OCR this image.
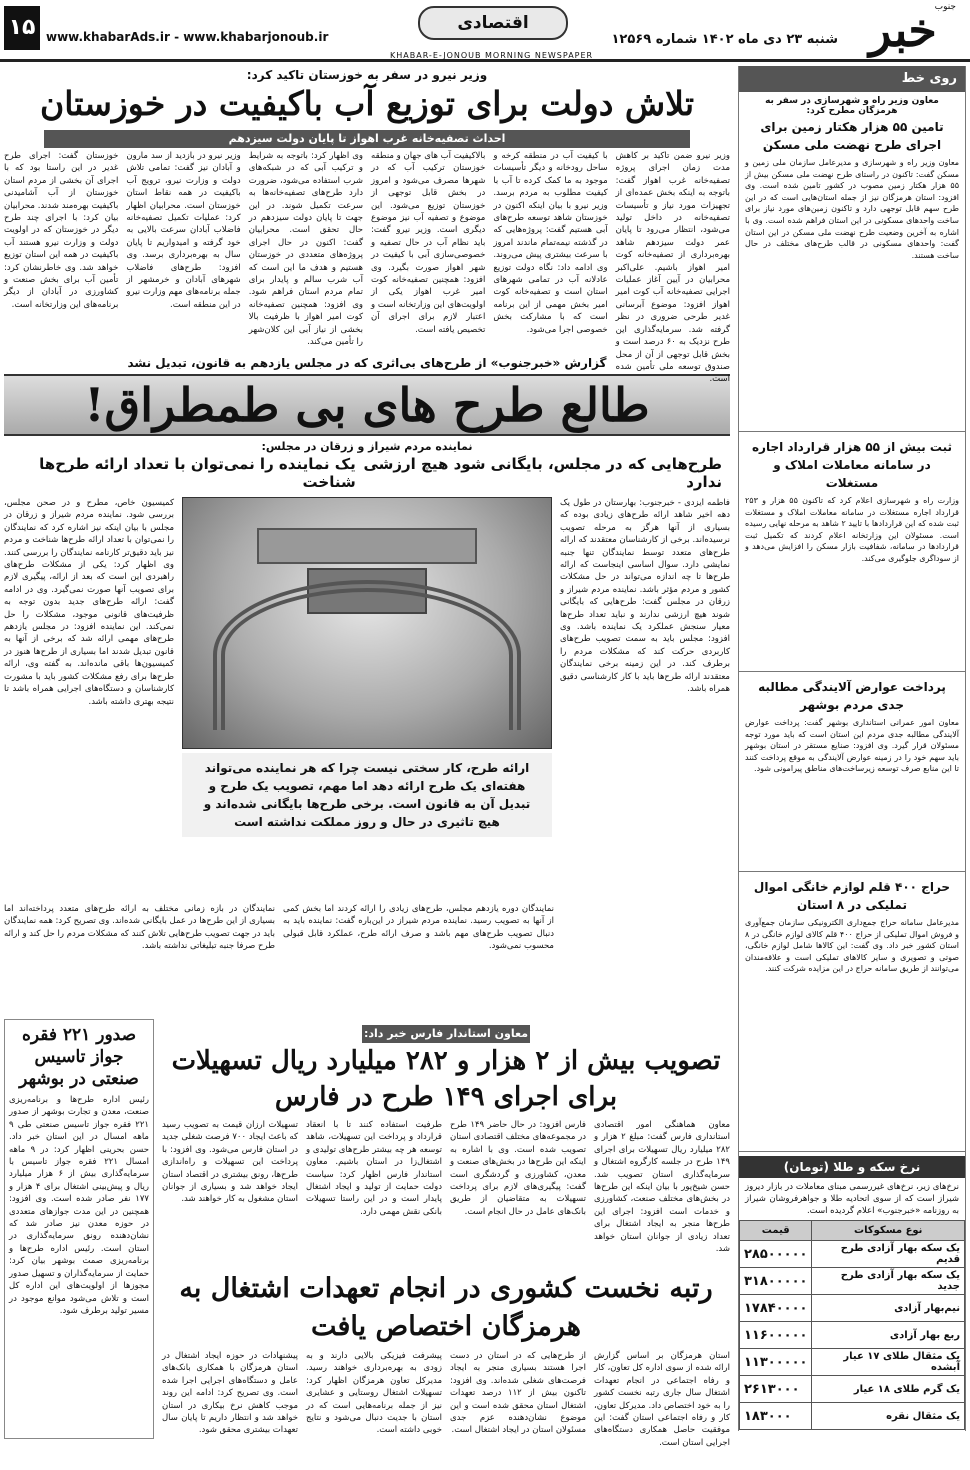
خبر
جنوب
شنبه ۲۳ دی ماه ۱۴۰۲ شماره ۱۲۵۶۹
اقتصادی
www.khabarAds.ir - www.khabarjonoub.ir
۱۵
KHABAR-E-JONOUB MORNING NEWSPAPER
وزیر نیرو در سفر به خوزستان تاکید کرد:
تلاش دولت برای توزیع آب باکیفیت در خوزستان
احداث تصفیه‌خانه غرب اهواز تا پایان دولت سیزدهم
وزیر نیرو ضمن تاکید بر کاهش مدت زمان اجرای پروژه تصفیه‌خانه غرب اهواز گفت: باتوجه به اینکه بخش عمده‌ای از تجهیزات مورد نیاز و تأسیسات تصفیه‌خانه در داخل تولید می‌شود، انتظار می‌رود تا پایان عمر دولت سیزدهم شاهد بهره‌برداری از تصفیه‌خانه کوت امیر اهواز باشیم. علی‌اکبر محرابیان در آیین آغاز عملیات اجرایی تصفیه‌خانه آب کوت امیر اهواز افزود: موضوع آبرسانی غدیر طرحی ضروری در نظر گرفته شد. سرمایه‌گذاری این طرح نزدیک به ۶۰ درصد است و بخش قابل توجهی از آن از محل صندوق توسعه ملی تأمین شده است.
با کیفیت آب در منطقه کرخه و ساحل رودخانه و دیگر تأسیسات موجود به ما کمک کرده تا آب با کیفیت مطلوب به مردم برسد. وزیر نیرو با بیان اینکه اکنون در خوزستان شاهد توسعه طرح‌های آبی هستیم گفت: پروژه‌هایی که در گذشته نیمه‌تمام ماندند امروز با سرعت بیشتری پیش می‌روند. وی ادامه داد: نگاه دولت توزیع عادلانه آب در تمامی شهرهای استان است و تصفیه‌خانه کوت امیر بخش مهمی از این برنامه است که با مشارکت بخش خصوصی اجرا می‌شود.
بالاکیفیت آب های جهان و منطقه خوزستان ترکیب آب که در شهرها مصرف می‌شود و امروز در بخش قابل توجهی از خوزستان توزیع می‌شود. این موضوع و تصفیه آب نیز موضوع دیگری است. وزیر نیرو گفت: باید نظام آب در حال تصفیه و خصوصی‌سازی آبی با کیفیت در شهر اهواز صورت بگیرد. وی افزود: همچنین تصفیه‌خانه کوت امیر غرب اهواز یکی از اولویت‌های این وزارتخانه است و اعتبار لازم برای اجرای آن تخصیص یافته است.
وی اظهار کرد: باتوجه به شرایط و ترکیب آبی که در شبکه‌های شرب استفاده می‌شود، ضرورت دارد طرح‌های تصفیه‌خانه‌ها به سرعت تکمیل شوند. در این جهت تا پایان دولت سیزدهم در حال تحقق است. محرابیان گفت: اکنون در حال اجرای پروژه‌های متعددی در خوزستان هستیم و هدف ما این است که آب شرب سالم و پایدار برای تمام مردم استان فراهم شود. وی افزود: همچنین تصفیه‌خانه کوت امیر اهواز با ظرفیت بالا بخشی از نیاز آبی این کلان‌شهر را تأمین می‌کند.
وزیر نیرو در بازدید از سد مارون و آبادان نیز گفت: تمامی تلاش دولت و وزارت نیرو، ترویج آب باکیفیت در همه نقاط استان خوزستان است. محرابیان اظهار کرد: عملیات تکمیل تصفیه‌خانه فاضلاب آبادان سرعت بالایی به خود گرفته و امیدواریم تا پایان سال به بهره‌برداری برسد. وی افزود: طرح‌های فاضلاب شهرهای آبادان و خرمشهر از جمله برنامه‌های مهم وزارت نیرو در این منطقه است.
خوزستان گفت: اجرای طرح غدیر در این راستا بود که با اجرای آن بخشی از مردم استان خوزستان از آب آشامیدنی باکیفیت بهره‌مند شدند. محرابیان بیان کرد: با اجرای چند طرح دیگر در خوزستان که در اولویت دولت و وزارت نیرو هستند آب باکیفیت در همه این استان توزیع خواهد شد. وی خاطرنشان کرد: تأمین آب برای بخش صنعت و کشاورزی در آبادان از دیگر برنامه‌های این وزارتخانه است.
گزارش «خبرجنوب» از طرح‌های بی‌اثری که در مجلس یازدهم به قانون، تبدیل نشد
طالع طرح های بی طمطراق!
نماینده مردم شیراز و زرقان در مجلس:
طرح‌هایی که در مجلس، بایگانی شود هیچ ارزشی ندارد
یک نماینده را نمی‌توان با تعداد ارائه طرح‌ها شناخت
فاطمه ایزدی - خبرجنوب: بهارستان در طول یک دهه اخیر شاهد ارائه طرح‌های زیادی بوده که بسیاری از آنها هرگز به مرحله تصویب نرسیده‌اند. برخی از کارشناسان معتقدند که ارائه طرح‌های متعدد توسط نمایندگان تنها جنبه نمایشی دارد. سوال اساسی اینجاست که ارائه طرح‌ها تا چه اندازه می‌تواند در حل مشکلات کشور و مردم مؤثر باشد. نماینده مردم شیراز و زرقان در مجلس گفت: طرح‌هایی که بایگانی شوند هیچ ارزشی ندارند و نباید تعداد طرح‌ها معیار سنجش عملکرد یک نماینده باشد. وی افزود: مجلس باید به سمت تصویب طرح‌های کاربردی حرکت کند که مشکلات مردم را برطرف کند. در این زمینه برخی نمایندگان معتقدند ارائه طرح‌ها باید با کار کارشناسی دقیق همراه باشد.
ارائه طرح، کار سختی نیست چرا که هر نماینده می‌تواند هفته‌ای یک طرح ارائه دهد اما مهم، تصویب یک طرح و تبدیل آن به قانون است. برخی طرح‌ها بایگانی شده‌اند و هیچ تاثیری در حال و روز مملکت نداشته است
کمیسیون خاص، مطرح و در صحن مجلس، بررسی شود. نماینده مردم شیراز و زرقان در مجلس با بیان اینکه نیز اشاره کرد که نمایندگان را نمی‌توان با تعداد ارائه طرح‌ها شناخت و مردم نیز باید دقیق‌تر کارنامه نمایندگان را بررسی کنند. وی اظهار کرد: یکی از مشکلات طرح‌های راهبردی این است که بعد از ارائه، پیگیری لازم برای تصویب آنها صورت نمی‌گیرد. وی در ادامه گفت: ارائه طرح‌های جدید بدون توجه به ظرفیت‌های قانونی موجود، مشکلات را حل نمی‌کند. این نماینده افزود: در مجلس یازدهم طرح‌های مهمی ارائه شد که برخی از آنها به قانون تبدیل شدند اما بسیاری از طرح‌ها هنوز در کمیسیون‌ها باقی مانده‌اند. به گفته وی، ارائه طرح‌ها برای رفع مشکلات کشور باید با مشورت کارشناسان و دستگاه‌های اجرایی همراه باشد تا نتیجه بهتری داشته باشد.
نمایندگان دوره یازدهم مجلس، طرح‌های زیادی را ارائه کردند اما بخش کمی از آنها به تصویب رسید. نماینده مردم شیراز در این‌باره گفت: نماینده باید به دنبال تصویب طرح‌های مهم باشد و صرف ارائه طرح، عملکرد قابل قبولی محسوب نمی‌شود.
نمایندگان در بازه زمانی مختلف به ارائه طرح‌های متعدد پرداخته‌اند اما بسیاری از این طرح‌ها در عمل بایگانی شده‌اند. وی تصریح کرد: همه نمایندگان باید در جهت تصویب طرح‌هایی تلاش کنند که مشکلات مردم را حل کند و ارائه طرح صرفا جنبه تبلیغاتی نداشته باشد.
معاون استاندار فارس خبر داد:
تصویب بیش از ۲ هزار و ۲۸۲ میلیارد ریال تسهیلات برای اجرای ۱۴۹ طرح در فارس
معاون هماهنگی امور اقتصادی استانداری فارس گفت: مبلغ ۲ هزار و ۲۸۲ میلیارد ریال تسهیلات برای اجرای ۱۴۹ طرح در جلسه کارگروه اشتغال و سرمایه‌گذاری استان تصویب شد. حسن شیخ‌پور با بیان اینکه این طرح‌ها در بخش‌های مختلف صنعت، کشاورزی و خدمات است افزود: اجرای این طرح‌ها منجر به ایجاد اشتغال برای تعداد زیادی از جوانان استان خواهد شد.
فارس افزود: در حال حاضر ۱۴۹ طرح در مجموعه‌های مختلف اقتصادی استان تصویب شده است. وی با اشاره به اینکه این طرح‌ها در بخش‌های صنعت و معدن، کشاورزی و گردشگری است گفت: پیگیری‌های لازم برای پرداخت تسهیلات به متقاضیان از طریق بانک‌های عامل در حال انجام است.
طرفیت استفاده کنند تا با انعقاد قرارداد و پرداخت این تسهیلات، شاهد توسعه هر چه بیشتر طرح‌های تولیدی و اشتغال‌زا در استان باشیم. معاون استاندار فارس اظهار کرد: سیاست دولت حمایت از تولید و ایجاد اشتغال پایدار است و در این راستا تسهیلات بانکی نقش مهمی دارد.
تسهیلات ارزان قیمت به تصویب رسید که باعث ایجاد ۷۰۰ فرصت شغلی جدید در استان فارس می‌شود. وی افزود: با پرداخت این تسهیلات و راه‌اندازی طرح‌ها، رونق بیشتری در اقتصاد استان ایجاد خواهد شد و بسیاری از جوانان استان مشغول به کار خواهند شد.
صدور ۲۲۱ فقره جواز تاسیس صنعتی در بوشهر
رئیس اداره طرح‌ها و برنامه‌ریزی صنعت، معدن و تجارت بوشهر از صدور ۲۲۱ فقره جواز تاسیس صنعتی طی ۹ ماهه امسال در این استان خبر داد. حسن بحرینی اظهار کرد: در ۹ ماهه امسال ۲۲۱ فقره جواز تاسیس با سرمایه‌گذاری بیش از ۶ هزار میلیارد ریال و پیش‌بینی اشتغال برای ۴ هزار و ۱۷۷ نفر صادر شده است. وی افزود: همچنین در این مدت جوازهای متعددی در حوزه معدن نیز صادر شد که نشان‌دهنده رونق سرمایه‌گذاری در استان است. رئیس اداره طرح‌ها و برنامه‌ریزی صمت بوشهر بیان کرد: حمایت از سرمایه‌گذاران و تسهیل صدور مجوزها از اولویت‌های این اداره کل است و تلاش می‌شود موانع موجود در مسیر تولید برطرف شود.
رتبه نخست کشوری در انجام تعهدات اشتغال به هرمزگان اختصاص یافت
استان هرمزگان بر اساس گزارش ارائه شده از سوی اداره کل تعاون، کار و رفاه اجتماعی در انجام تعهدات اشتغال سال جاری رتبه نخست کشور را به خود اختصاص داد. مدیرکل تعاون، کار و رفاه اجتماعی استان گفت: این موفقیت حاصل همکاری دستگاه‌های اجرایی استان است.
از طرح‌هایی که در استان در دست اجرا هستند بسیاری منجر به ایجاد فرصت‌های شغلی شده‌اند. وی افزود: تاکنون بیش از ۱۱۲ درصد تعهدات اشتغال استان محقق شده است و این موضوع نشان‌دهنده عزم جدی مسئولان استان در ایجاد اشتغال است.
پیشرفت فیزیکی بالایی دارند و به زودی به بهره‌برداری خواهند رسید. مدیرکل تعاون هرمزگان اظهار کرد: تسهیلات اشتغال روستایی و عشایری نیز از جمله برنامه‌هایی است که در استان با جدیت دنبال می‌شود و نتایج خوبی داشته است.
پیشنهادات در حوزه ایجاد اشتغال در استان هرمزگان با همکاری بانک‌های عامل و دستگاه‌های اجرایی اجرا شده است. وی تصریح کرد: ادامه این روند موجب کاهش نرخ بیکاری در استان خواهد شد و انتظار داریم تا پایان سال تعهدات بیشتری محقق شود.
روی خط
معاون وزیر راه و شهرسازی در سفر به هرمزگان مطرح کرد:
تامین ۵۵ هزار هکتار زمین برای اجرای طرح نهضت ملی مسکن

معاون وزیر راه و شهرسازی و مدیرعامل سازمان ملی زمین و مسکن گفت: تاکنون در راستای طرح نهضت ملی مسکن بیش از ۵۵ هزار هکتار زمین مصوب در کشور تامین شده است. وی افزود: استان هرمزگان نیز از جمله استان‌هایی است که در این طرح سهم قابل توجهی دارد و تاکنون زمین‌های مورد نیاز برای ساخت واحدهای مسکونی در این استان فراهم شده است. وی با اشاره به آخرین وضعیت طرح نهضت ملی مسکن در این استان گفت: واحدهای مسکونی در قالب طرح‌های مختلف در حال ساخت هستند.

ثبت بیش از ۵۵ هزار قرارداد اجاره در سامانه معاملات املاک و مستغلات

وزارت راه و شهرسازی اعلام کرد که تاکنون ۵۵ هزار و ۲۵۳ قرارداد اجاره مستغلات در سامانه معاملات املاک و مستغلات ثبت شده که این قراردادها با تایید ۲ شاهد به مرحله نهایی رسیده است. مسئولان این وزارتخانه اعلام کردند که تکمیل ثبت قراردادها در سامانه، شفافیت بازار مسکن را افزایش می‌دهد و از سوداگری جلوگیری می‌کند.

پرداخت عوارض آلایندگی مطالبه جدی مردم بوشهر

معاون امور عمرانی استانداری بوشهر گفت: پرداخت عوارض آلایندگی مطالبه جدی مردم این استان است که باید مورد توجه مسئولان قرار گیرد. وی افزود: صنایع مستقر در استان بوشهر باید سهم خود را در زمینه عوارض آلایندگی به موقع پرداخت کنند تا این منابع صرف توسعه زیرساخت‌های مناطق پیرامونی شود.

حراج ۴۰۰ قلم لوازم خانگی اموال تملیکی در ۸ استان

مدیرعامل سامانه حراج جمع‌داری الکترونیکی سازمان جمع‌آوری و فروش اموال تملیکی از حراج ۴۰۰ قلم کالای لوازم خانگی در ۸ استان کشور خبر داد. وی گفت: این کالاها شامل لوازم خانگی، صوتی و تصویری و سایر کالاهای تملیکی است و علاقه‌مندان می‌توانند از طریق سامانه حراج در این مزایده شرکت کنند.

نرخ سکه و طلا (تومان)
نرخ‌های زیر، نرخ‌های غیررسمی مبنای معاملات در بازار دیروز شیراز است که از سوی اتحادیه طلا و جواهرفروشان شیراز به روزنامه «خبرجنوب» اعلام گردیده است.
نوع مسکوکات	قیمت
یک سکه بهار آزادی طرح قدیم	۲۸۵۰۰۰۰۰
یک سکه بهار آزادی طرح جدید	۳۱۸۰۰۰۰۰
نیم‌بهار آزادی	۱۷۸۴۰۰۰۰
ربع بهار آزادی	۱۱۶۰۰۰۰۰
یک مثقال طلای ۱۷ عیار آبشده	۱۱۳۰۰۰۰۰
یک گرم طلای ۱۸ عیار	۲۶۱۳۰۰۰
یک مثقال نقره	۱۸۳۰۰۰
